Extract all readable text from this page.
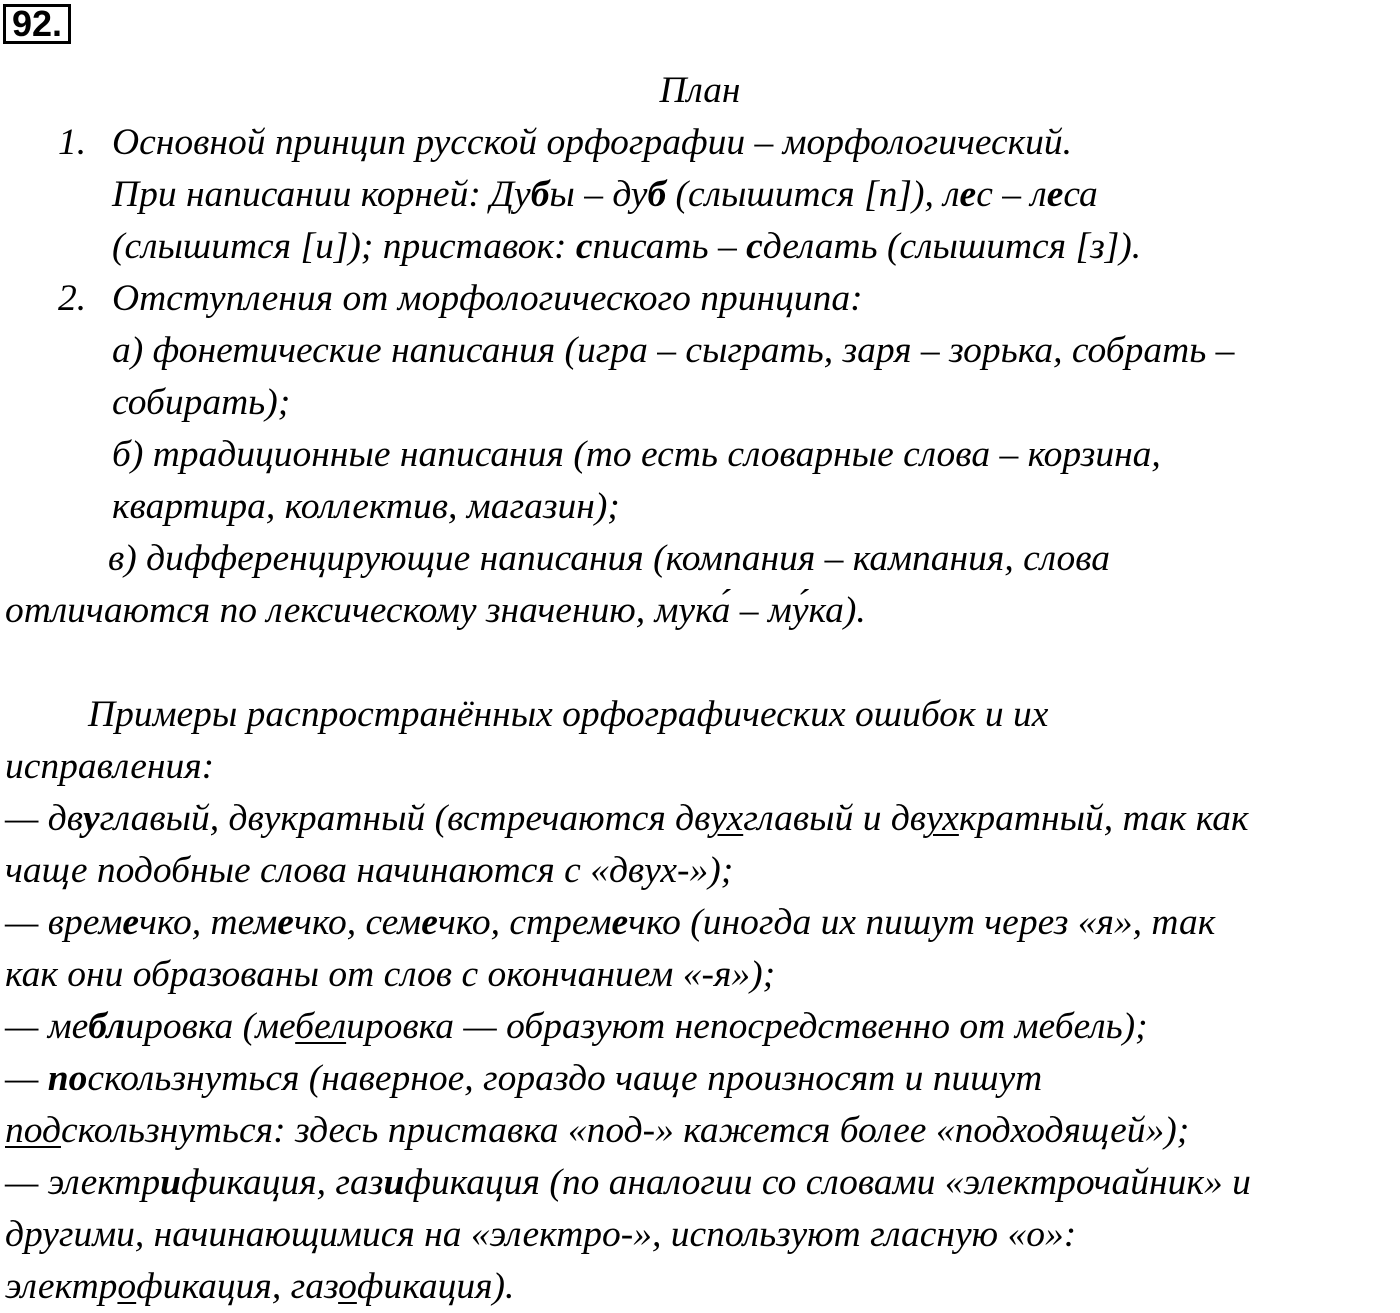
92.
План
1. Основной принцип русской орфографии – морфологический.
При написании корней: Дубы – дуб (слышится [п]), лес – леса
(слышится [и]); приставок: списать – сделать (слышится [з]).
2. Отступления от морфологического принципа:
а) фонетические написания (игра – сыграть, заря – зорька, собрать –
собирать);
б) традиционные написания (то есть словарные слова – корзина,
квартира, коллектив, магазин);
в) дифференцирующие написания (компания – кампания, слова
отличаются по лексическому значению, мука́ – му́ка).
Примеры распространённых орфографических ошибок и их
исправления:
— двуглавый, двукратный (встречаются двухглавый и двухкратный, так как
чаще подобные слова начинаются с «двух-»);
— времечко, темечко, семечко, стремечко (иногда их пишут через «я», так
как они образованы от слов с окончанием «-я»);
— меблировка (мебелировка — образуют непосредственно от мебель);
— поскользнуться (наверное, гораздо чаще произносят и пишут
подскользнуться: здесь приставка «под-» кажется более «подходящей»);
— электрификация, газификация (по аналогии со словами «электрочайник» и
другими, начинающимися на «электро-», используют гласную «о»:
электрофикация, газофикация).
